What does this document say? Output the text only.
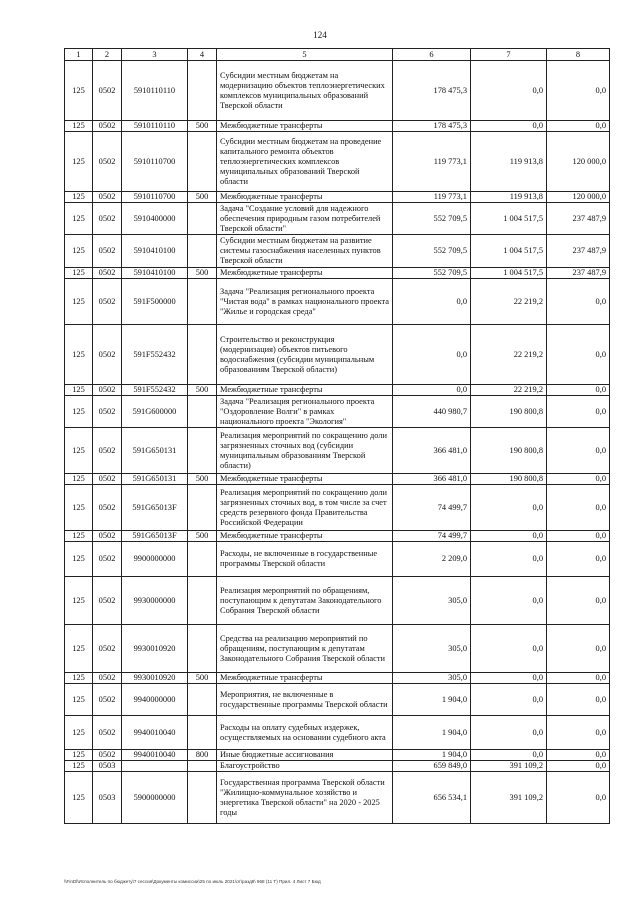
124
1	2	3	4	5	6	7	8
125	0502	5910110110		Субсидии местным бюджетам на модернизацию объектов теплоэнергетических комплексов муниципальных образований Тверской области	178 475,3	0,0	0,0
125	0502	5910110110	500	Межбюджетные трансферты	178 475,3	0,0	0,0
125	0502	5910110700		Субсидии местным бюджетам на проведение капитального ремонта объектов теплоэнергетических комплексов муниципальных образований Тверской области	119 773,1	119 913,8	120 000,0
125	0502	5910110700	500	Межбюджетные трансферты	119 773,1	119 913,8	120 000,0
125	0502	5910400000		Задача "Создание условий для надежного обеспечения природным газом потребителей Тверской области"	552 709,5	1 004 517,5	237 487,9
125	0502	5910410100		Субсидии местным бюджетам на развитие системы газоснабжения населенных пунктов Тверской области	552 709,5	1 004 517,5	237 487,9
125	0502	5910410100	500	Межбюджетные трансферты	552 709,5	1 004 517,5	237 487,9
125	0502	591F500000		Задача "Реализация регионального проекта "Чистая вода" в рамках национального проекта "Жилье и городская среда"	0,0	22 219,2	0,0
125	0502	591F552432		Строительство и реконструкция (модернизация) объектов питьевого водоснабжения (субсидии муниципальным образованиям Тверской области)	0,0	22 219,2	0,0
125	0502	591F552432	500	Межбюджетные трансферты	0,0	22 219,2	0,0
125	0502	591G600000		Задача "Реализация регионального проекта "Оздоровление Волги" в рамках национального проекта "Экология"	440 980,7	190 800,8	0,0
125	0502	591G650131		Реализация мероприятий по сокращению доли загрязненных сточных вод (субсидии муниципальным образованиям Тверской области)	366 481,0	190 800,8	0,0
125	0502	591G650131	500	Межбюджетные трансферты	366 481,0	190 800,8	0,0
125	0502	591G65013F		Реализация мероприятий по сокращению доли загрязненных сточных вод, в том числе за счет средств резервного фонда Правительства Российской Федерации	74 499,7	0,0	0,0
125	0502	591G65013F	500	Межбюджетные трансферты	74 499,7	0,0	0,0
125	0502	9900000000		Расходы, не включенные в государственные программы Тверской области	2 209,0	0,0	0,0
125	0502	9930000000		Реализация мероприятий по обращениям, поступающим к депутатам Законодательного Собрания Тверской области	305,0	0,0	0,0
125	0502	9930010920		Средства на реализацию мероприятий по обращениям, поступающим к депутатам Законодательного Собрания Тверской области	305,0	0,0	0,0
125	0502	9930010920	500	Межбюджетные трансферты	305,0	0,0	0,0
125	0502	9940000000		Мероприятия, не включенные в государственные программы Тверской области	1 904,0	0,0	0,0
125	0502	9940010040		Расходы на оплату судебных издержек, осуществляемых на основании судебного акта	1 904,0	0,0	0,0
125	0502	9940010040	800	Иные бюджетные ассигнования	1 904,0	0,0	0,0
125	0503			Благоустройство	659 849,0	391 109,2	0,0
125	0503	5900000000		Государственная программа Тверской области "Жилищно-коммунальное хозяйство и энергетика Тверской области" на 2020 - 2025 годы	656 534,1	391 109,2	0,0
\\FinDl\Исполнитель по бюджету\7 сессия\Документы комиссии\25 по июль 2021\от\разд8\ 968 (11 Т) Прил. 4 Лист 7 Бюд
